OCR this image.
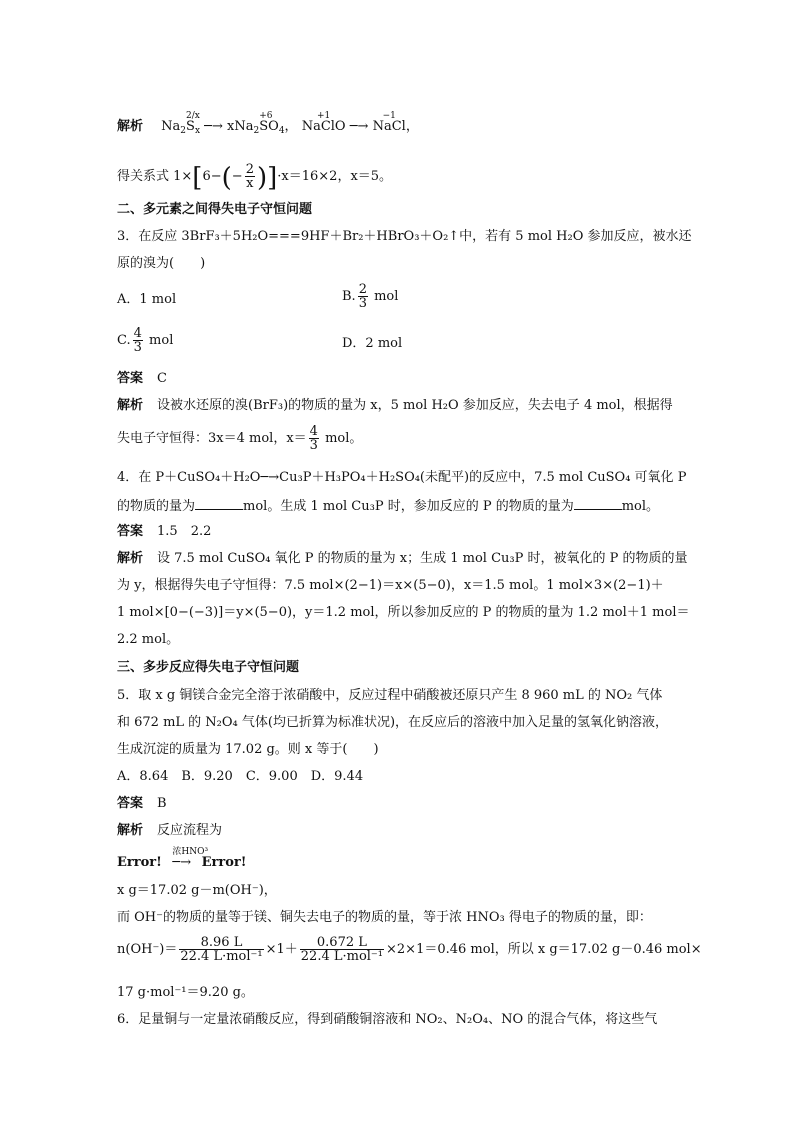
解析 $Na_2$
2/x
$S_x$ ─→ xNa$_2$
+6
$SO_4$，
+1
NaClO ─→
−1
NaCl，
得关系式 $1\times[6-(- \frac{2}{x} )]\cdot x=16\times 2$，x＝5。
二、多元素之间得失电子守恒问题
3．在反应 3BrF₃＋5H₂O===9HF＋Br₂＋HBrO₃＋O₂↑中，若有 5 mol H₂O 参加反应，被水还
原的溴为(　　)
A．1 mol	B. $\frac{2}{3}$ mol
C. $\frac{4}{3}$ mol	D．2 mol
答案 C
解析 设被水还原的溴(BrF₃)的物质的量为 x，5 mol H₂O 参加反应，失去电子 4 mol，根据得
失电子守恒得：3x＝4 mol，$x= \frac{4}{3}$ mol。
4．在 P＋CuSO₄＋H₂O─→Cu₃P＋H₃PO₄＋H₂SO₄(未配平)的反应中，7.5 mol CuSO₄ 可氧化 P
的物质的量为	mol。生成 1 mol Cu₃P 时，参加反应的 P 的物质的量为	mol。
答案 1.5　2.2
解析 设 7.5 mol CuSO₄ 氧化 P 的物质的量为 x；生成 1 mol Cu₃P 时，被氧化的 P 的物质的量
为 y，根据得失电子守恒得：7.5 mol×(2−1)＝x×(5−0)，x＝1.5 mol。1 mol×3×(2−1)＋
1 mol×[0−(−3)]＝y×(5−0)，y＝1.2 mol，所以参加反应的 P 的物质的量为 1.2 mol＋1 mol＝
2.2 mol。
三、多步反应得失电子守恒问题
5．取 x g 铜镁合金完全溶于浓硝酸中，反应过程中硝酸被还原只产生 8 960 mL 的 NO₂ 气体
和 672 mL 的 N₂O₄ 气体(均已折算为标准状况)，在反应后的溶液中加入足量的氢氧化钠溶液，
生成沉淀的质量为 17.02 g。则 x 等于(　　)
A．8.64　B．9.20　C．9.00　D．9.44
答案 B
解析 反应流程为
Error!
浓HNO³
─→ Error!
x g＝17.02 g－m(OH⁻)，
而 OH⁻的物质的量等于镁、铜失去电子的物质的量，等于浓 HNO₃ 得电子的物质的量，即：
$n(OH^-)= \frac{8.96 L}{\text{22.4 L·mol⁻¹}} \times 1+ \frac{0.672 L}{\text{22.4 L·mol⁻¹}} \times 2\times 1=0.46$ mol，所以 x g＝17.02 g－0.46 mol×
17 g·mol⁻¹＝9.20 g。
6．足量铜与一定量浓硝酸反应，得到硝酸铜溶液和 NO₂、N₂O₄、NO 的混合气体，将这些气
